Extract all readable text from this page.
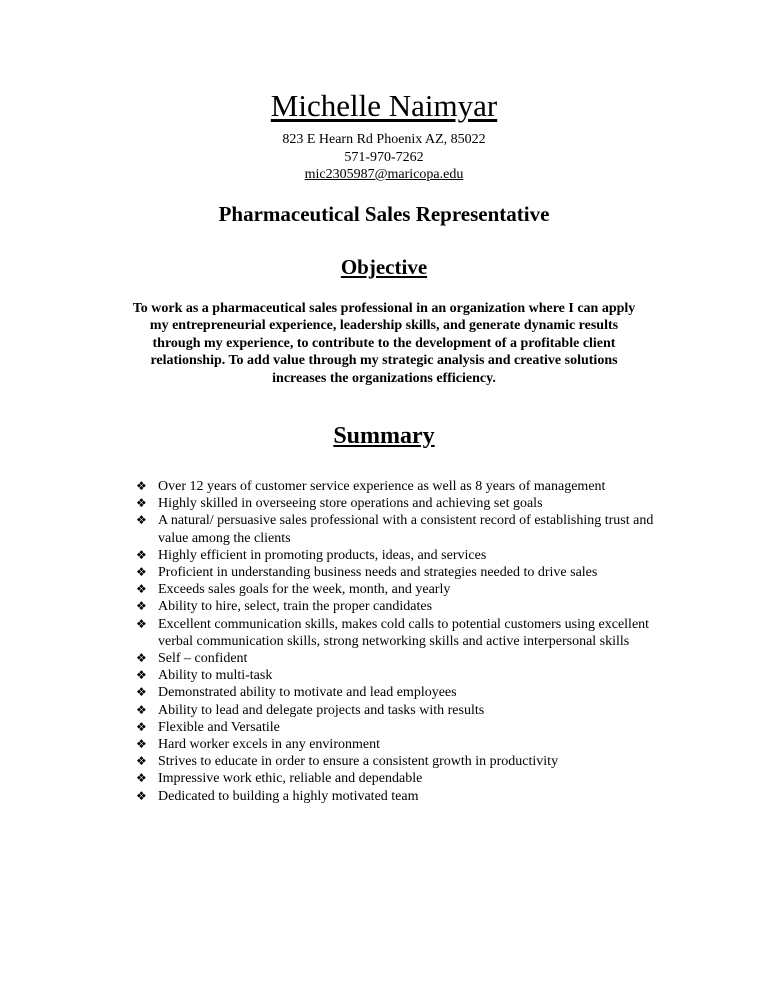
Michelle Naimyar
823 E Hearn Rd Phoenix AZ, 85022
571-970-7262
mic2305987@maricopa.edu
Pharmaceutical Sales Representative
Objective
To work as a pharmaceutical sales professional in an organization where I can apply my entrepreneurial experience, leadership skills, and generate dynamic results through my experience, to contribute to the development of a profitable client relationship. To add value through my strategic analysis and creative solutions increases the organizations efficiency.
Summary
❖ Over 12 years of customer service experience as well as 8 years of management
❖ Highly skilled in overseeing store operations and achieving set goals
❖ A natural/ persuasive sales professional with a consistent record of establishing trust and value among the clients
❖ Highly efficient in promoting products, ideas, and services
❖ Proficient in understanding business needs and strategies needed to drive sales
❖ Exceeds sales goals for the week, month, and yearly
❖ Ability to hire, select, train the proper candidates
❖ Excellent communication skills, makes cold calls to potential customers using excellent verbal communication skills, strong networking skills and active interpersonal skills
❖ Self – confident
❖ Ability to multi-task
❖ Demonstrated ability to motivate and lead employees
❖ Ability to lead and delegate projects and tasks with results
❖ Flexible and Versatile
❖ Hard worker excels in any environment
❖ Strives to educate in order to ensure a consistent growth in productivity
❖ Impressive work ethic, reliable and dependable
❖ Dedicated to building a highly motivated team
